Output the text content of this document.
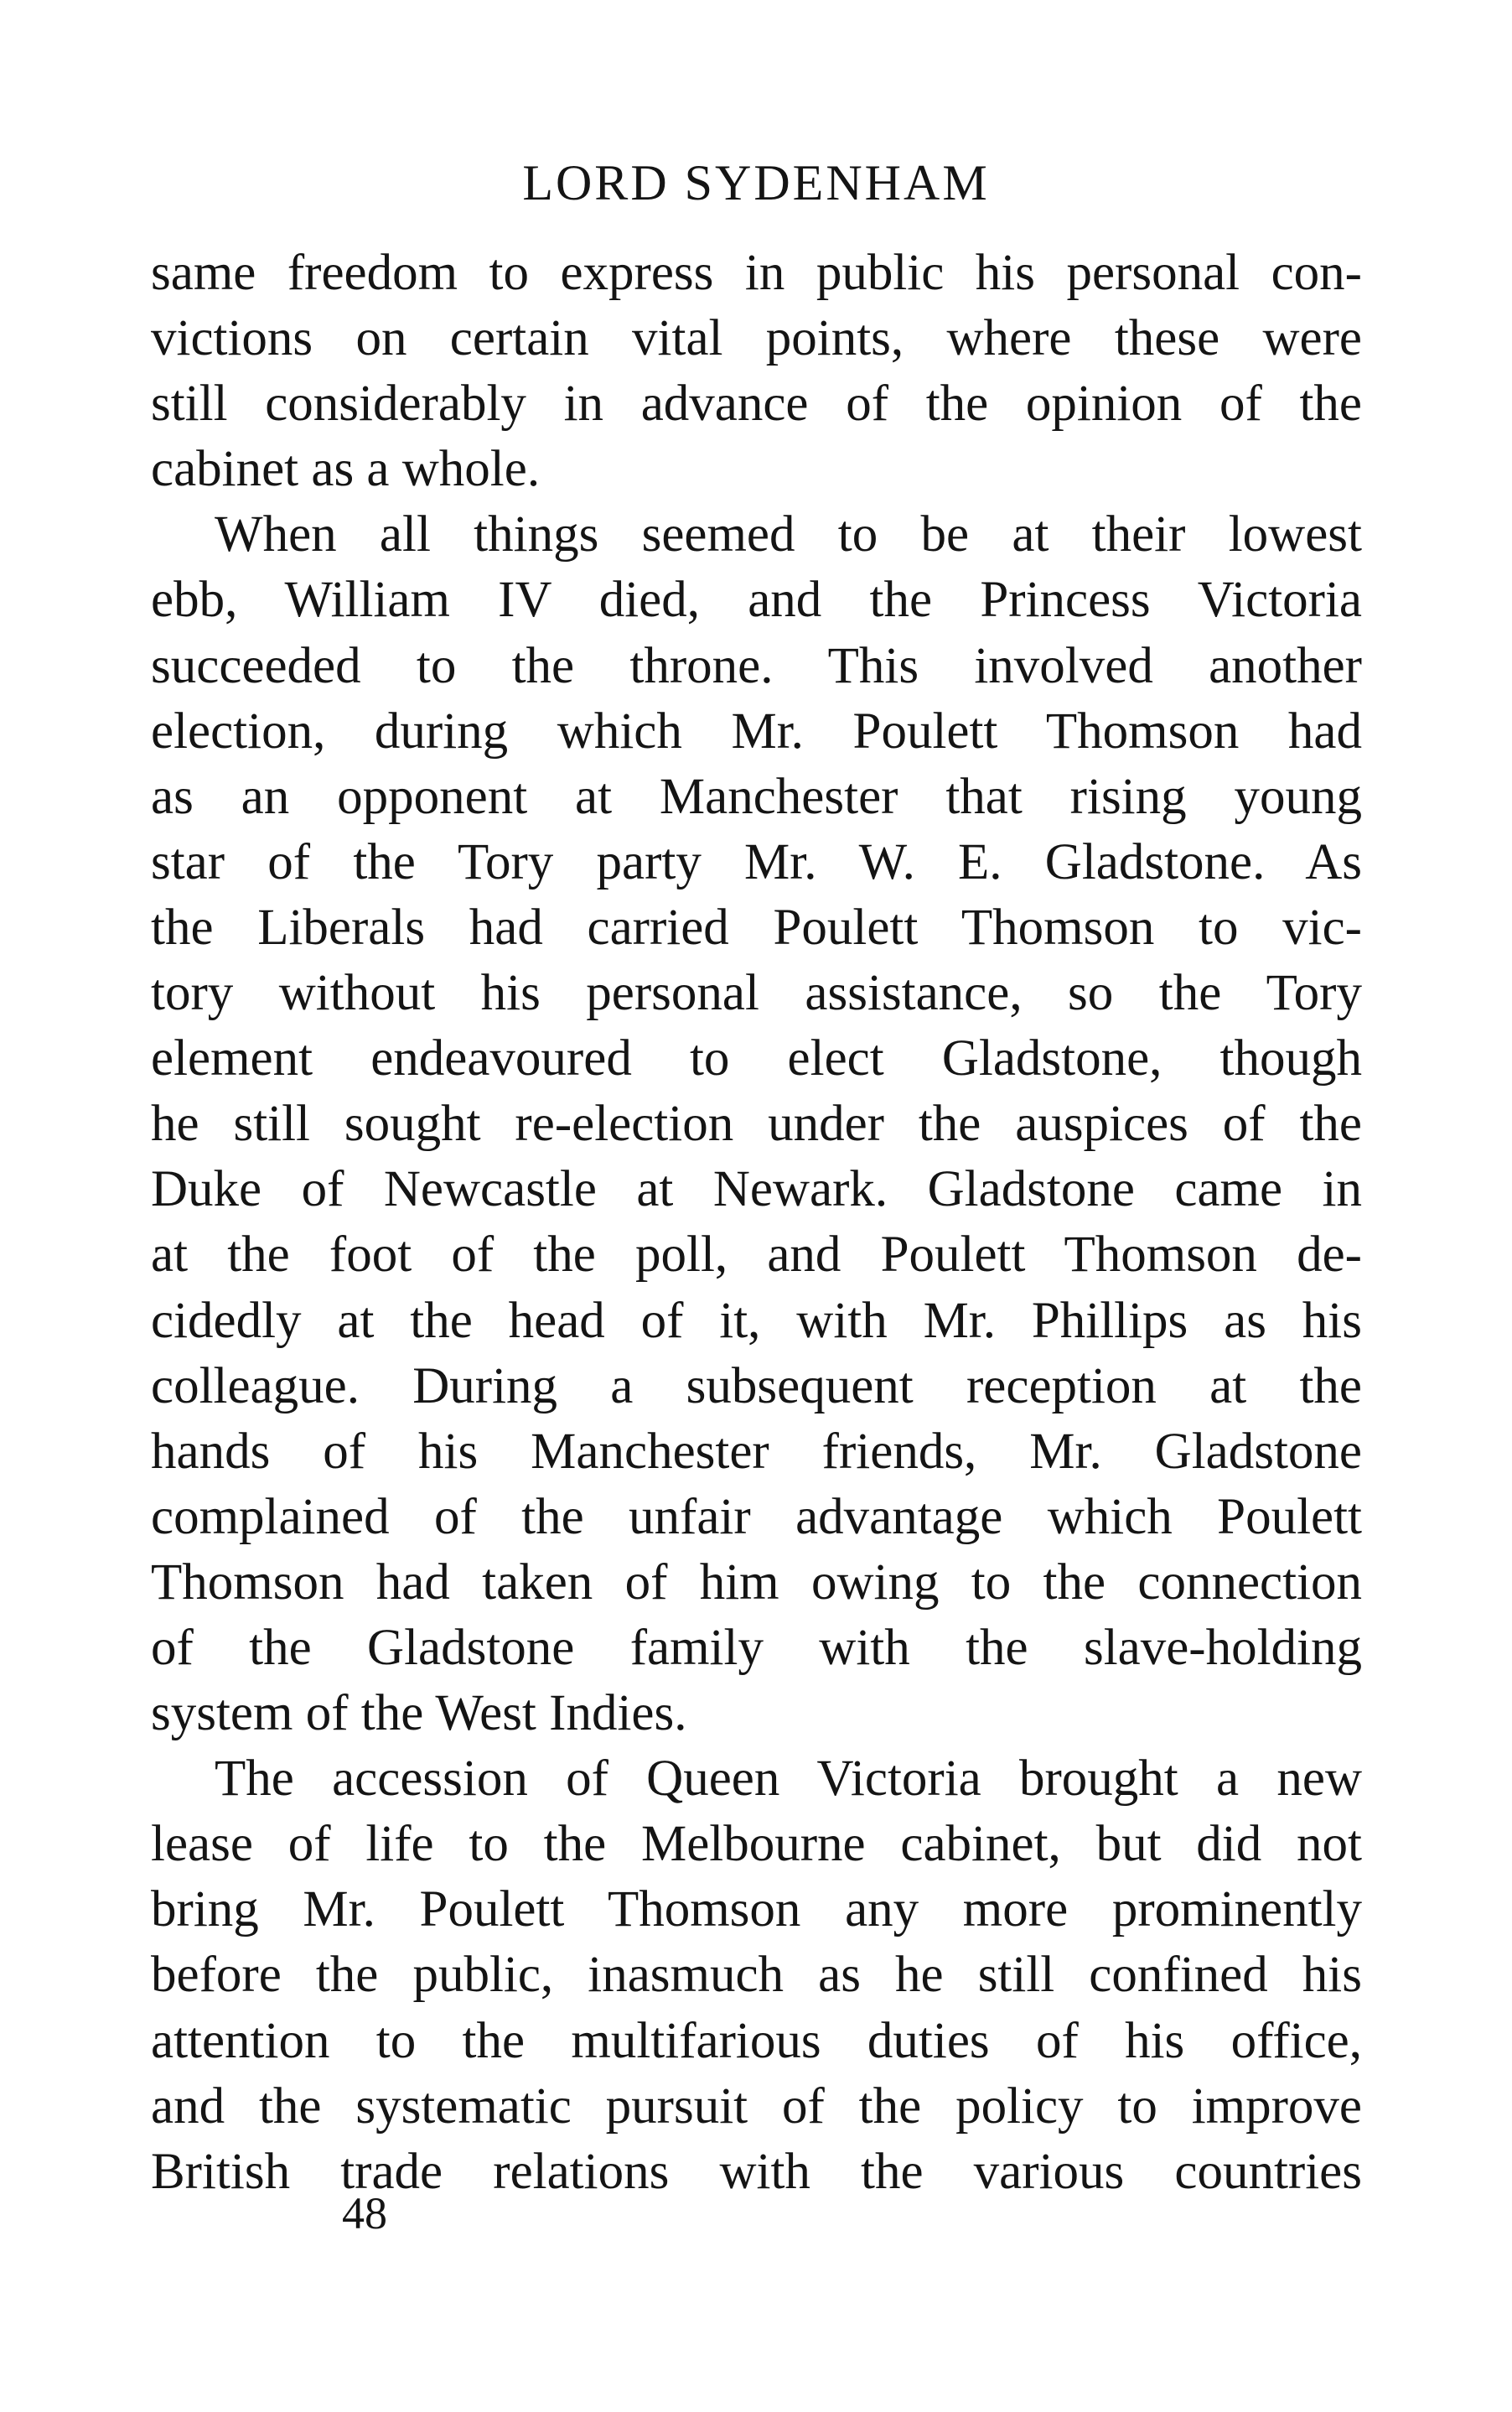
LORD SYDENHAM
same freedom to express in public his personal con-
victions on certain vital points, where these were
still considerably in advance of the opinion of the
cabinet as a whole.
When all things seemed to be at their lowest
ebb, William IV died, and the Princess Victoria
succeeded to the throne. This involved another
election, during which Mr. Poulett Thomson had
as an opponent at Manchester that rising young
star of the Tory party Mr. W. E. Gladstone. As
the Liberals had carried Poulett Thomson to vic-
tory without his personal assistance, so the Tory
element endeavoured to elect Gladstone, though
he still sought re-election under the auspices of the
Duke of Newcastle at Newark. Gladstone came in
at the foot of the poll, and Poulett Thomson de-
cidedly at the head of it, with Mr. Phillips as his
colleague. During a subsequent reception at the
hands of his Manchester friends, Mr. Gladstone
complained of the unfair advantage which Poulett
Thomson had taken of him owing to the connection
of the Gladstone family with the slave-holding
system of the West Indies.
The accession of Queen Victoria brought a new
lease of life to the Melbourne cabinet, but did not
bring Mr. Poulett Thomson any more prominently
before the public, inasmuch as he still confined his
attention to the multifarious duties of his office,
and the systematic pursuit of the policy to improve
British trade relations with the various countries

48
